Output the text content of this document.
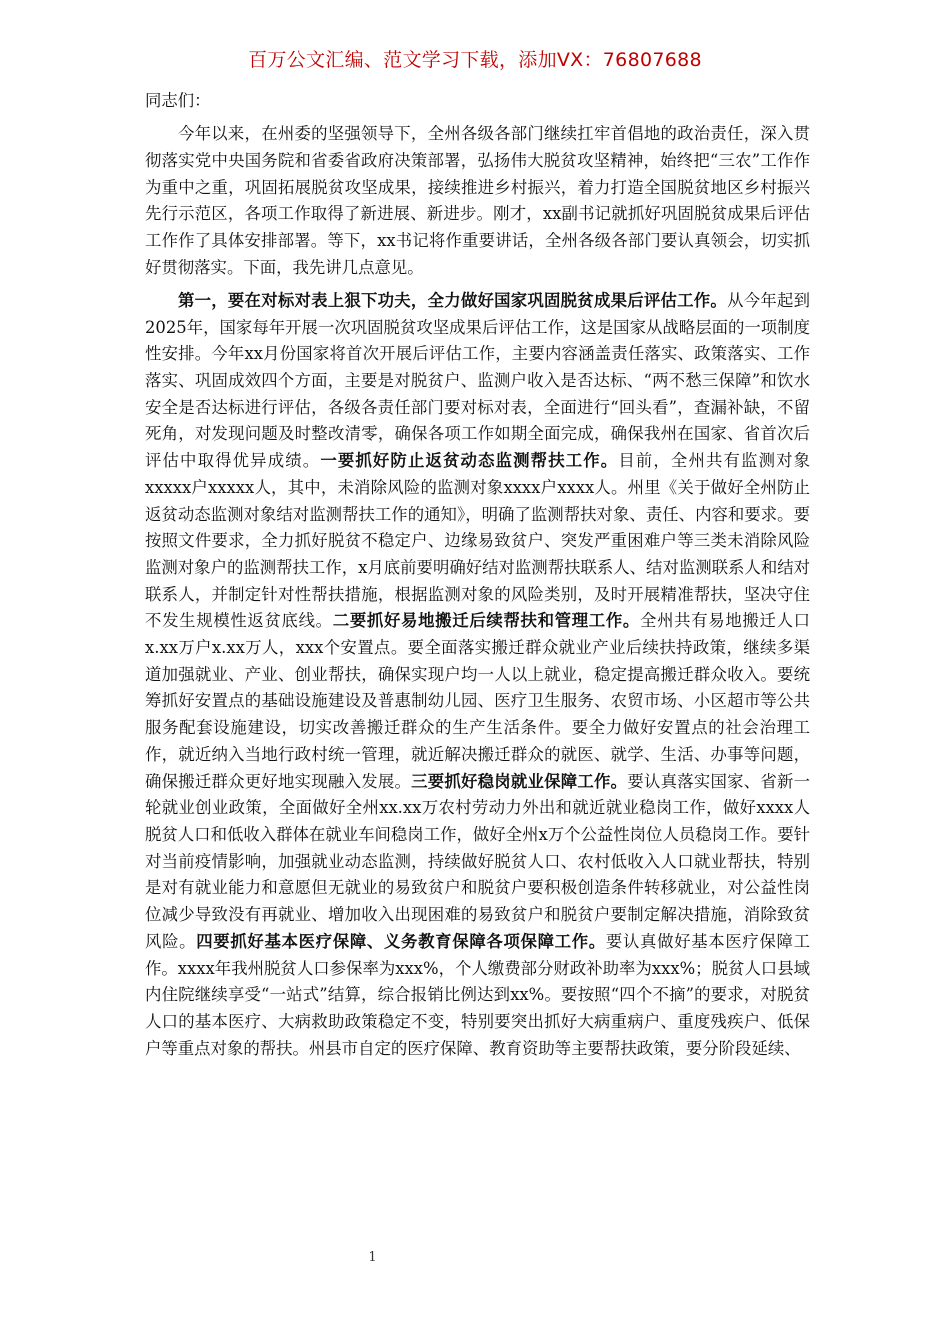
百万公文汇编、范文学习下载，添加VX：76807688

同志们：

今年以来，在州委的坚强领导下，全州各级各部门继续扛牢首倡地的政治责任，深入贯彻落实党中央国务院和省委省政府决策部署，弘扬伟大脱贫攻坚精神，始终把“三农”工作作为重中之重，巩固拓展脱贫攻坚成果，接续推进乡村振兴，着力打造全国脱贫地区乡村振兴先行示范区，各项工作取得了新进展、新进步。刚才，xx副书记就抓好巩固脱贫成果后评估工作作了具体安排部署。等下，xx书记将作重要讲话，全州各级各部门要认真领会，切实抓好贯彻落实。下面，我先讲几点意见。

第一，要在对标对表上狠下功夫，全力做好国家巩固脱贫成果后评估工作。从今年起到2025年，国家每年开展一次巩固脱贫攻坚成果后评估工作，这是国家从战略层面的一项制度性安排。今年xx月份国家将首次开展后评估工作，主要内容涵盖责任落实、政策落实、工作落实、巩固成效四个方面，主要是对脱贫户、监测户收入是否达标、“两不愁三保障”和饮水安全是否达标进行评估，各级各责任部门要对标对表，全面进行“回头看”，查漏补缺，不留死角，对发现问题及时整改清零，确保各项工作如期全面完成，确保我州在国家、省首次后评估中取得优异成绩。一要抓好防止返贫动态监测帮扶工作。目前，全州共有监测对象xxxxx户xxxxx人，其中，未消除风险的监测对象xxxx户xxxx人。州里《关于做好全州防止返贫动态监测对象结对监测帮扶工作的通知》，明确了监测帮扶对象、责任、内容和要求。要按照文件要求，全力抓好脱贫不稳定户、边缘易致贫户、突发严重困难户等三类未消除风险监测对象户的监测帮扶工作，x月底前要明确好结对监测帮扶联系人、结对监测联系人和结对联系人，并制定针对性帮扶措施，根据监测对象的风险类别，及时开展精准帮扶，坚决守住不发生规模性返贫底线。二要抓好易地搬迁后续帮扶和管理工作。全州共有易地搬迁人口x.xx万户x.xx万人，xxx个安置点。要全面落实搬迁群众就业产业后续扶持政策，继续多渠道加强就业、产业、创业帮扶，确保实现户均一人以上就业，稳定提高搬迁群众收入。要统筹抓好安置点的基础设施建设及普惠制幼儿园、医疗卫生服务、农贸市场、小区超市等公共服务配套设施建设，切实改善搬迁群众的生产生活条件。要全力做好安置点的社会治理工作，就近纳入当地行政村统一管理，就近解决搬迁群众的就医、就学、生活、办事等问题，确保搬迁群众更好地实现融入发展。三要抓好稳岗就业保障工作。要认真落实国家、省新一轮就业创业政策，全面做好全州xx.xx万农村劳动力外出和就近就业稳岗工作，做好xxxx人脱贫人口和低收入群体在就业车间稳岗工作，做好全州x万个公益性岗位人员稳岗工作。要针对当前疫情影响，加强就业动态监测，持续做好脱贫人口、农村低收入人口就业帮扶，特别是对有就业能力和意愿但无就业的易致贫户和脱贫户要积极创造条件转移就业，对公益性岗位减少导致没有再就业、增加收入出现困难的易致贫户和脱贫户要制定解决措施，消除致贫风险。四要抓好基本医疗保障、义务教育保障各项保障工作。要认真做好基本医疗保障工作。xxxx年我州脱贫人口参保率为xxx%，个人缴费部分财政补助率为xxx%；脱贫人口县域内住院继续享受“一站式”结算，综合报销比例达到xx%。要按照“四个不摘”的要求，对脱贫人口的基本医疗、大病救助政策稳定不变，特别要突出抓好大病重病户、重度残疾户、低保户等重点对象的帮扶。州县市自定的医疗保障、教育资助等主要帮扶政策，要分阶段延续、

1
